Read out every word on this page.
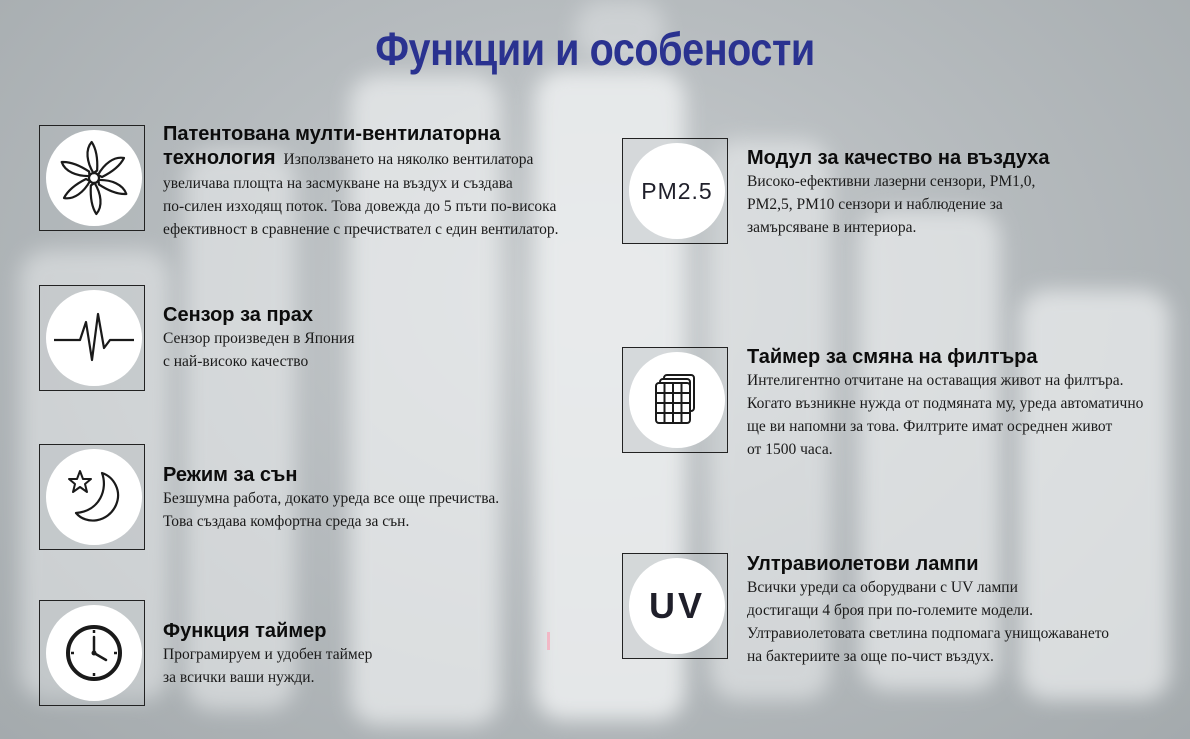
Функции и особености
Патентована мулти-вентилаторна
технология Използването на няколко вентилатора
увеличава площта на засмукване на въздух и създава
по-силен изходящ поток. Това довежда до 5 пъти по-висока
ефективност в сравнение с пречиствател с един вентилатор.
Сензор за прах
Сензор произведен в Япония
с най-високо качество
Режим за сън
Безшумна работа, докато уреда все още пречиства.
Това създава комфортна среда за сън.
Функция таймер
Програмируем и удобен таймер
за всички ваши нужди.
PM2.5
Модул за качество на въздуха
Високо-ефективни лазерни сензори, PM1,0,
PM2,5, PM10 сензори и наблюдение за
замърсяване в интериора.
Таймер за смяна на филтъра
Интелигентно отчитане на оставащия живот на филтъра.
Когато възникне нужда от подмяната му, уреда автоматично
ще ви напомни за това. Филтрите имат осреднен живот
от 1500 часа.
UV
Ултравиолетови лампи
Всички уреди са оборудвани с UV лампи
достигащи 4 броя при по-големите модели.
Ултравиолетовата светлина подпомага унищожаването
на бактериите за още по-чист въздух.
